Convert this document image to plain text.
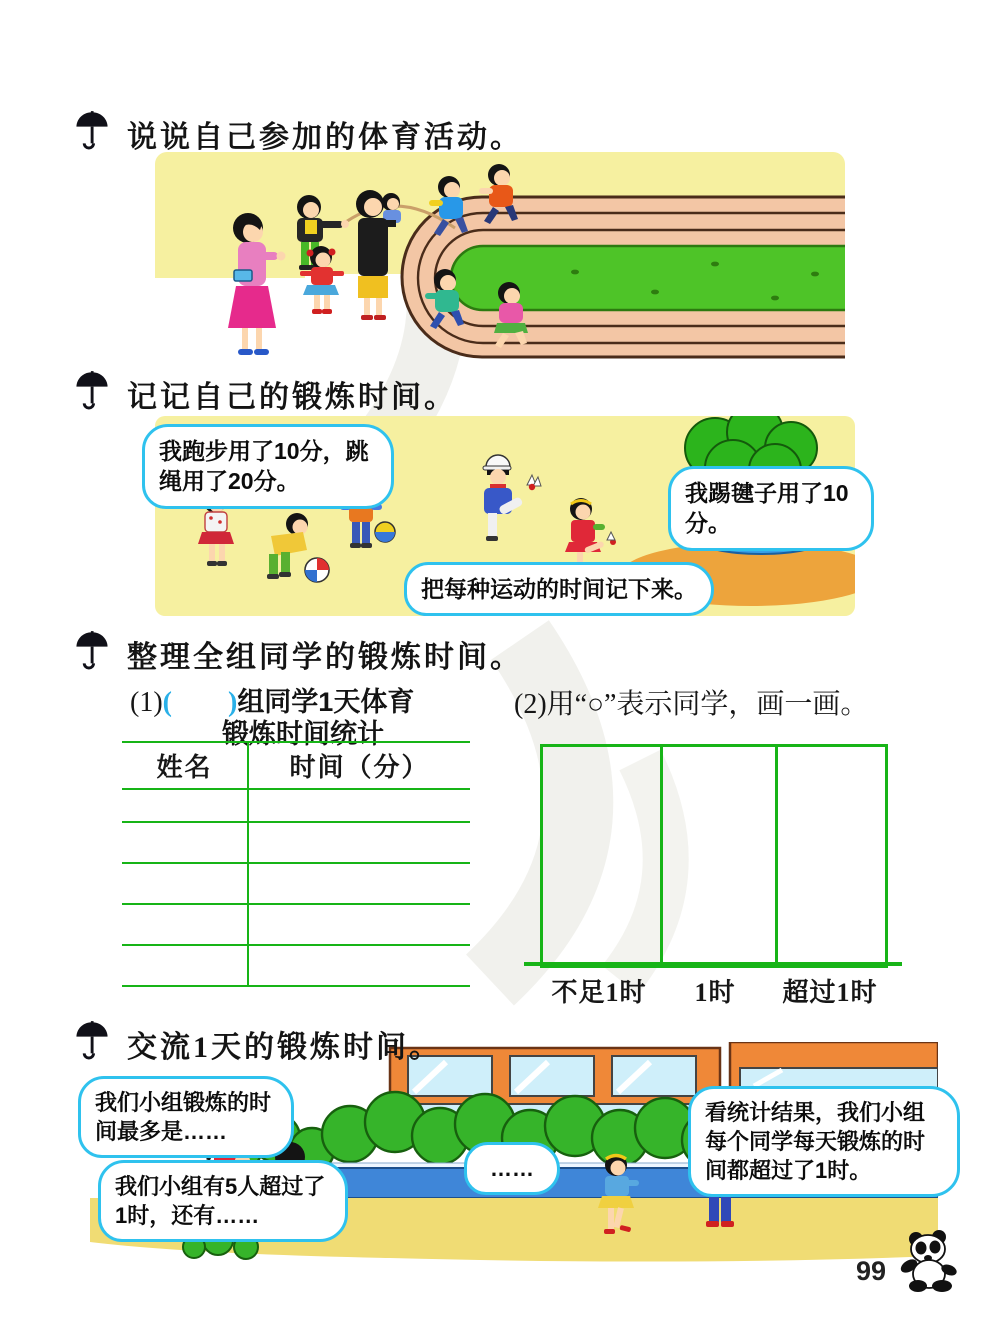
说说自己参加的体育活动。
记记自己的锻炼时间。
我跑步用了10分，跳绳用了20分。	我踢毽子用了10分。
把每种运动的时间记下来。
整理全组同学的锻炼时间。
(1)(　　)组同学1天体育
锻炼时间统计
姓名	时间（分）
(2)用“○”表示同学，画一画。
不足1时	1时	超过1时
交流1天的锻炼时间。
我们小组锻炼的时间最多是……
我们小组有5人超过了1时，还有……
……
看统计结果，我们小组每个同学每天锻炼的时间都超过了1时。
99
